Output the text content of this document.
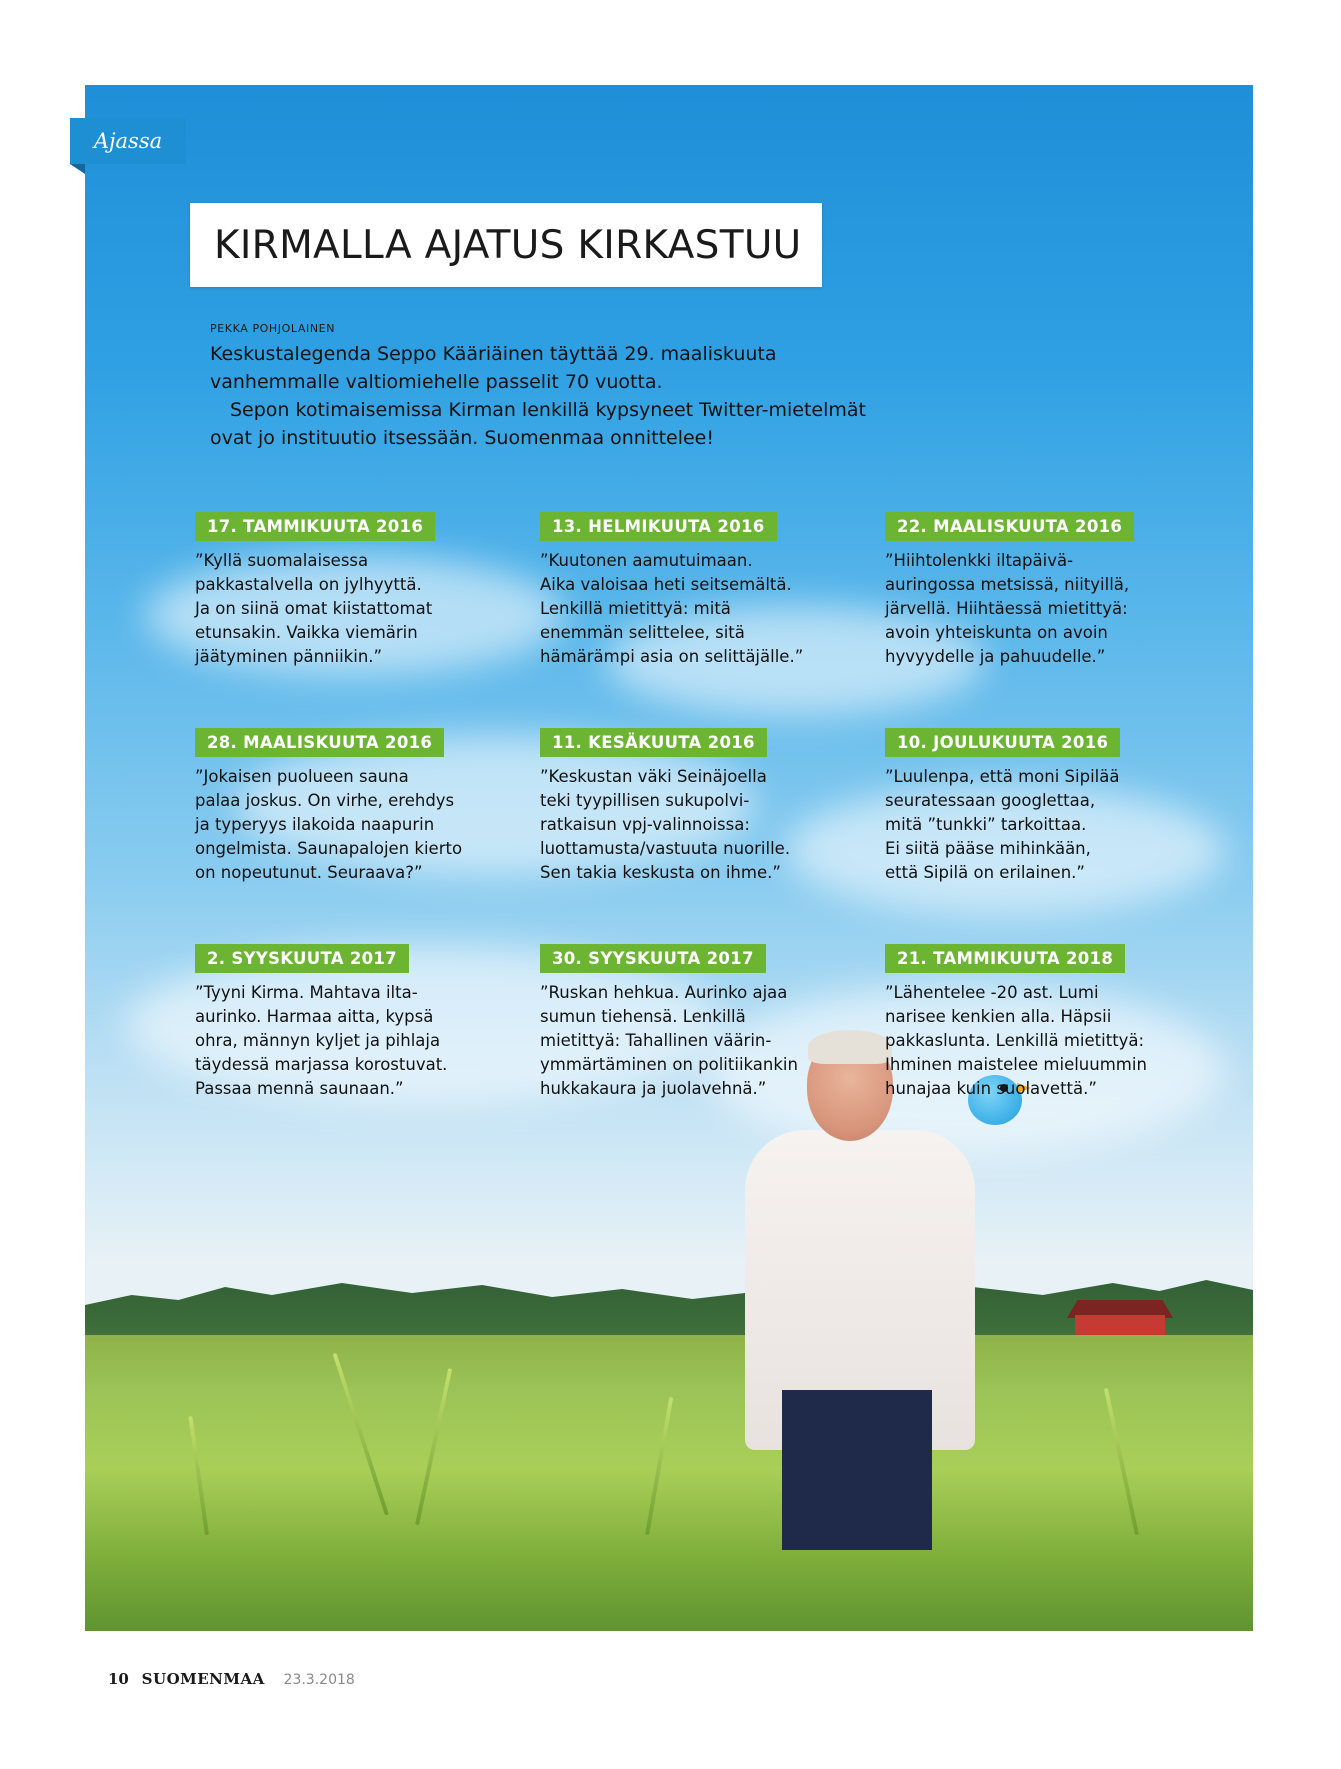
Ajassa
KIRMALLA AJATUS KIRKASTUU
PEKKA POHJOLAINEN

Keskustalegenda Seppo Kääriäinen täyttää 29. maaliskuuta vanhemmalle valtiomiehelle passelit 70 vuotta.

Sepon kotimaisemissa Kirman lenkillä kypsyneet Twitter-mietelmät ovat jo instituutio itsessään. Suomenmaa onnittelee!

17. TAMMIKUUTA 2016
”Kyllä suomalaisessa
pakkastalvella on jylhyyttä.
Ja on siinä omat kiistattomat
etunsakin. Vaikka viemärin
jäätyminen pänniikin.”
13. HELMIKUUTA 2016
”Kuutonen aamutuimaan.
Aika valoisaa heti seitsemältä.
Lenkillä mietittyä: mitä
enemmän selittelee, sitä
hämärämpi asia on selittäjälle.”
22. MAALISKUUTA 2016
”Hiihtolenkki iltapäivä-
auringossa metsissä, niityillä,
järvellä. Hiihtäessä mietittyä:
avoin yhteiskunta on avoin
hyvyydelle ja pahuudelle.”
28. MAALISKUUTA 2016
”Jokaisen puolueen sauna
palaa joskus. On virhe, erehdys
ja typeryys ilakoida naapurin
ongelmista. Saunapalojen kierto
on nopeutunut. Seuraava?”
11. KESÄKUUTA 2016
”Keskustan väki Seinäjoella
teki tyypillisen sukupolvi-
ratkaisun vpj-valinnoissa:
luottamusta/vastuuta nuorille.
Sen takia keskusta on ihme.”
10. JOULUKUUTA 2016
”Luulenpa, että moni Sipilää
seuratessaan googlettaa,
mitä ”tunkki” tarkoittaa.
Ei siitä pääse mihinkään,
että Sipilä on erilainen.”
2. SYYSKUUTA 2017
”Tyyni Kirma. Mahtava ilta-
aurinko. Harmaa aitta, kypsä
ohra, männyn kyljet ja pihlaja
täydessä marjassa korostuvat.
Passaa mennä saunaan.”
30. SYYSKUUTA 2017
”Ruskan hehkua. Aurinko ajaa
sumun tiehensä. Lenkillä
mietittyä: Tahallinen väärin-
ymmärtäminen on politiikankin
hukkakaura ja juolavehnä.”
21. TAMMIKUUTA 2018
”Lähentelee -20 ast. Lumi
narisee kenkien alla. Häpsii
pakkaslunta. Lenkillä mietittyä:
Ihminen maistelee mieluummin
hunajaa kuin suolavettä.”
10 SUOMENMAA 23.3.2018
